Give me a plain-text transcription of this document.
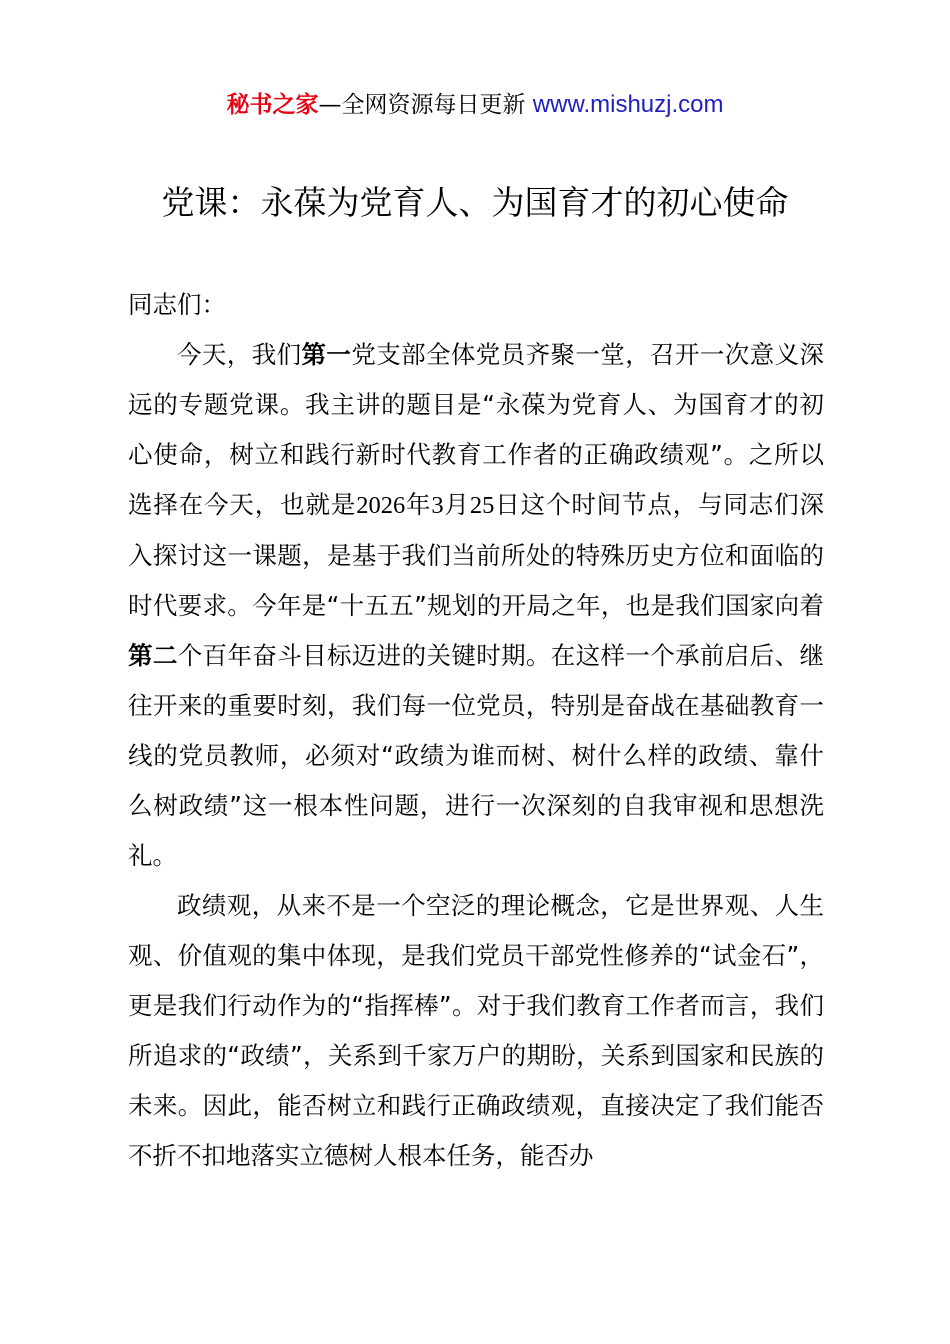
秘书之家—全网资源每日更新 www.mishuzj.com
党课：永葆为党育人、为国育才的初心使命

同志们：

今天，我们第一党支部全体党员齐聚一堂，召开一次意义深远的专题党课。我主讲的题目是“永葆为党育人、为国育才的初心使命，树立和践行新时代教育工作者的正确政绩观”。之所以选择在今天，也就是2026年3月25日这个时间节点，与同志们深入探讨这一课题，是基于我们当前所处的特殊历史方位和面临的时代要求。今年是“十五五”规划的开局之年，也是我们国家向着第二个百年奋斗目标迈进的关键时期。在这样一个承前启后、继往开来的重要时刻，我们每一位党员，特别是奋战在基础教育一线的党员教师，必须对“政绩为谁而树、树什么样的政绩、靠什么树政绩”这一根本性问题，进行一次深刻的自我审视和思想洗礼。

政绩观，从来不是一个空泛的理论概念，它是世界观、人生观、价值观的集中体现，是我们党员干部党性修养的“试金石”，更是我们行动作为的“指挥棒”。对于我们教育工作者而言，我们所追求的“政绩”，关系到千家万户的期盼，关系到国家和民族的未来。因此，能否树立和践行正确政绩观，直接决定了我们能否不折不扣地落实立德树人根本任务，能否办
